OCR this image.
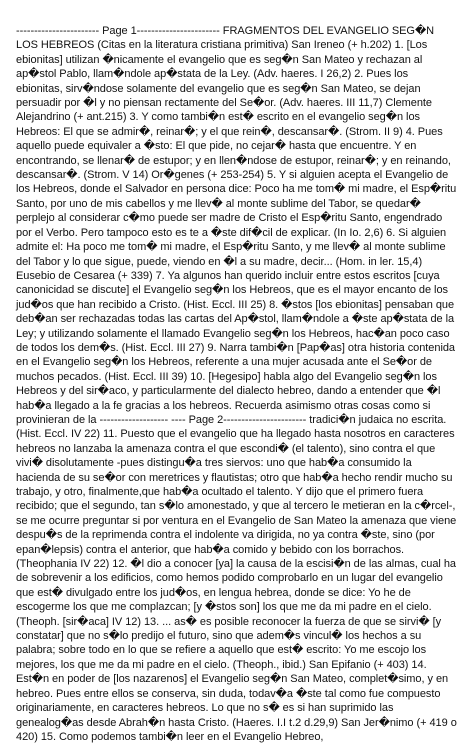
----------------------- Page 1----------------------- FRAGMENTOS DEL EVANGELIO SEG�N LOS HEBREOS (Citas en la literatura cristiana primitiva) San Ireneo (+ h.202) 1. [Los ebionitas] utilizan �nicamente el evangelio que es seg�n San Mateo y rechazan al ap�stol Pablo, llam�ndole ap�stata de la Ley. (Adv. haeres. I 26,2) 2. Pues los ebionitas, sirv�ndose solamente del evangelio que es seg�n San Mateo, se dejan persuadir por �l y no piensan rectamente del Se�or. (Adv. haeres. III 11,7) Clemente Alejandrino (+ ant.215) 3. Y como tambi�n est� escrito en el evangelio seg�n los Hebreos: El que se admir�, reinar�; y el que rein�, descansar�. (Strom. II 9) 4. Pues aquello puede equivaler a �sto: El que pide, no cejar� hasta que encuentre. Y en encontrando, se llenar� de estupor; y en llen�ndose de estupor, reinar�; y en reinando, descansar�. (Strom. V 14) Or�genes (+ 253-254) 5. Y si alguien acepta el Evangelio de los Hebreos, donde el Salvador en persona dice: Poco ha me tom� mi madre, el Esp�ritu Santo, por uno de mis cabellos y me llev� al monte sublime del Tabor, se quedar� perplejo al considerar c�mo puede ser madre de Cristo el Esp�ritu Santo, engendrado por el Verbo. Pero tampoco esto es te a �ste dif�cil de explicar. (In Io. 2,6) 6. Si alguien admite el: Ha poco me tom� mi madre, el Esp�ritu Santo, y me llev� al monte sublime del Tabor y lo que sigue, puede, viendo en �l a su madre, decir... (Hom. in ler. 15,4) Eusebio de Cesarea (+ 339) 7. Ya algunos han querido incluir entre estos escritos [cuya canonicidad se discute] el Evangelio seg�n los Hebreos, que es el mayor encanto de los jud�os que han recibido a Cristo. (Hist. Eccl. III 25) 8. �stos [los ebionitas] pensaban que deb�an ser rechazadas todas las cartas del Ap�stol, llam�ndole a �ste ap�stata de la Ley; y utilizando solamente el llamado Evangelio seg�n los Hebreos, hac�an poco caso de todos los dem�s. (Hist. Eccl. III 27) 9. Narra tambi�n [Pap�as] otra historia contenida en el Evangelio seg�n los Hebreos, referente a una mujer acusada ante el Se�or de muchos pecados. (Hist. Eccl. III 39) 10. [Hegesipo] habla algo del Evangelio seg�n los Hebreos y del sir�aco, y particularmente del dialecto hebreo, dando a entender que �l hab�a llegado a la fe gracias a los hebreos. Recuerda asimismo otras cosas como si provinieran de la ------------------- ---- Page 2----------------------- tradici�n judaica no escrita. (Hist. Eccl. IV 22) 11. Puesto que el evangelio que ha llegado hasta nosotros en caracteres hebreos no lanzaba la amenaza contra el que escondi� (el talento), sino contra el que vivi� disolutamente -pues distingu�a tres siervos: uno que hab�a consumido la hacienda de su se�or con meretrices y flautistas; otro que hab�a hecho rendir mucho su trabajo, y otro, finalmente,que hab�a ocultado el talento. Y dijo que el primero fuera recibido; que el segundo, tan s�lo amonestado, y que al tercero le metieran en la c�rcel-, se me ocurre preguntar si por ventura en el Evangelio de San Mateo la amenaza que viene despu�s de la reprimenda contra el indolente va dirigida, no ya contra �ste, sino (por epan�lepsis) contra el anterior, que hab�a comido y bebido con los borrachos. (Theophania IV 22) 12. �l dio a conocer [ya] la causa de la escisi�n de las almas, cual ha de sobrevenir a los edificios, como hemos podido comprobarlo en un lugar del evangelio que est� divulgado entre los jud�os, en lengua hebrea, donde se dice: Yo he de escogerme los que me complazcan; [y �stos son] los que me da mi padre en el cielo. (Theoph. [sir�aca] IV 12) 13. ... as� es posible reconocer la fuerza de que se sirvi� [y constatar] que no s�lo predijo el futuro, sino que adem�s vincul� los hechos a su palabra; sobre todo en lo que se refiere a aquello que est� escrito: Yo me escojo los mejores, los que me da mi padre en el cielo. (Theoph., ibid.) San Epifanio (+ 403) 14. Est�n en poder de [los nazarenos] el Evangelio seg�n San Mateo, complet�simo, y en hebreo. Pues entre ellos se conserva, sin duda, todav�a �ste tal como fue compuesto originariamente, en caracteres hebreos. Lo que no s� es si han suprimido las genealog�as desde Abrah�n hasta Cristo. (Haeres. I.I t.2 d.29,9) San Jer�nimo (+ 419 o 420) 15. Como podemos tambi�n leer en el Evangelio Hebreo,
